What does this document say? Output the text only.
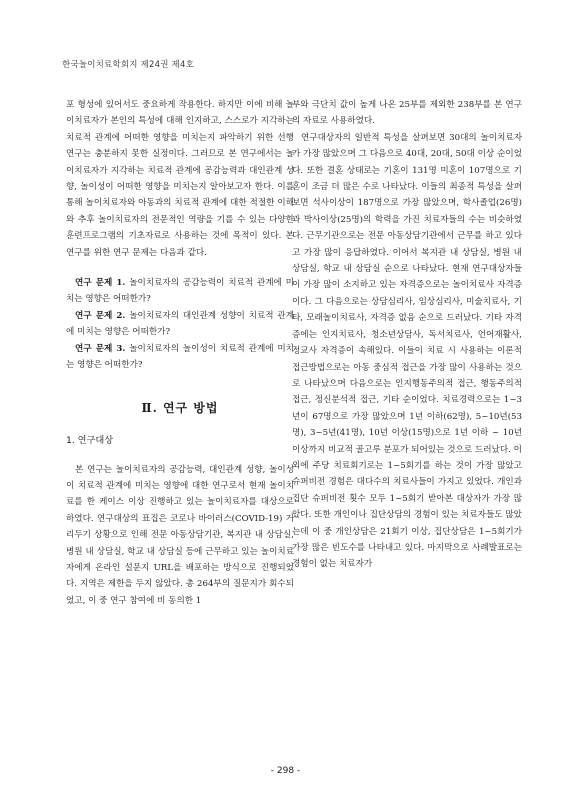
한국놀이치료학회지 제24권 제4호

포 형성에 있어서도 중요하게 작용한다. 하지만 이에 비해 놀이치료자가 본인의 특성에 대해 인지하고, 스스로가 지각하는 치료적 관계에 어떠한 영향을 미치는지 파악하기 위한 선행 연구는 충분하지 못한 실정이다. 그러므로 본 연구에서는 놀이치료자가 지각하는 치료적 관계에 공감능력과 대인관계 성향, 놀이성이 어떠한 영향을 미치는지 알아보고자 한다. 이를 통해 놀이치료자와 아동과의 치료적 관계에 대한 적절한 이해와 추후 놀이치료자의 전문적인 역량을 기를 수 있는 다양한 훈련프로그램의 기초자료로 사용하는 것에 목적이 있다. 본 연구를 위한 연구 문제는 다음과 같다.

연구 문제 1. 놀이치료자의 공감능력이 치료적 관계에 미치는 영향은 어떠한가?

연구 문제 2. 놀이치료자의 대인관계 성향이 치료적 관계에 미치는 영향은 어떠한가?

연구 문제 3. 놀이치료자의 놀이성이 치료적 관계에 미치는 영향은 어떠한가?

Ⅱ. 연구 방법
1. 연구대상

본 연구는 놀이치료자의 공감능력, 대인관계 성향, 놀이성이 치료적 관계에 미치는 영향에 대한 연구로서 현재 놀이치료를 한 케이스 이상 진행하고 있는 놀이치료자를 대상으로 하였다. 연구대상의 표집은 코로나 바이러스(COVID-19) 거리두기 상황으로 인해 전문 아동상담기관, 복지관 내 상담실, 병원 내 상담실, 학교 내 상담실 등에 근무하고 있는 놀이치료자에게 온라인 설문지 URL을 배포하는 방식으로 진행되었다. 지역은 제한을 두지 않았다. 총 264부의 질문지가 회수되었고, 이 중 연구 참여에 비 동의한 1

부와 극단치 값이 높게 나온 25부를 제외한 238부를 본 연구의 자료로 사용하였다.

연구대상자의 일반적 특성을 살펴보면 30대의 놀이치료자가 가장 많았으며 그 다음으로 40대, 20대, 50대 이상 순이었다. 또한 결혼 상태로는 기혼이 131명 미혼이 107명으로 기혼이 조금 더 많은 수로 나타났다. 이들의 최종적 특성을 살펴보면 석사이상이 187명으로 가장 많았으며, 학사졸업(26명)과 박사이상(25명)의 학력을 가진 치료자들의 수는 비슷하였다. 근무기관으로는 전문 아동상담기관에서 근무를 하고 있다고 가장 많이 응답하였다. 이어서 복지관 내 상담실, 병원 내 상담실, 학교 내 상담실 순으로 나타났다. 현재 연구대상자들이 가장 많이 소지하고 있는 자격증으로는 놀이치료사 자격증이다. 그 다음으로는 상담심리사, 임상심리사, 미술치료사, 기타, 모래놀이치료사, 자격증 없음 순으로 드러났다. 기타 자격증에는 인지치료사, 청소년상담사, 독서치료사, 언어재활사, 정교사 자격증이 속해있다. 이들이 치료 시 사용하는 이론적 접근방법으로는 아동 중심적 접근을 가장 많이 사용하는 것으로 나타났으며 다음으로는 인지행동주의적 접근, 행동주의적 접근, 정신분석적 접근, 기타 순이었다. 치료경력으로는 1~3년이 67명으로 가장 많았으며 1년 이하(62명), 5~10년(53명), 3~5년(41명), 10년 이상(15명)으로 1년 이하 ~ 10년 이상까지 비교적 골고루 분포가 되어있는 것으로 드러났다. 이 외에 주당 치료회기로는 1~5회기를 하는 것이 가장 많았고 슈퍼비전 경험은 대다수의 치료사들이 가지고 있었다. 개인과 집단 슈퍼비전 횟수 모두 1~5회기 받아본 대상자가 가장 많았다. 또한 개인이나 집단상담의 경험이 있는 치료자들도 많았는데 이 중 개인상담은 21회기 이상, 집단상담은 1~5회기가 가장 많은 빈도수를 나타내고 있다. 마지막으로 사례발표로는 경험이 없는 치료자가

- 298 -
